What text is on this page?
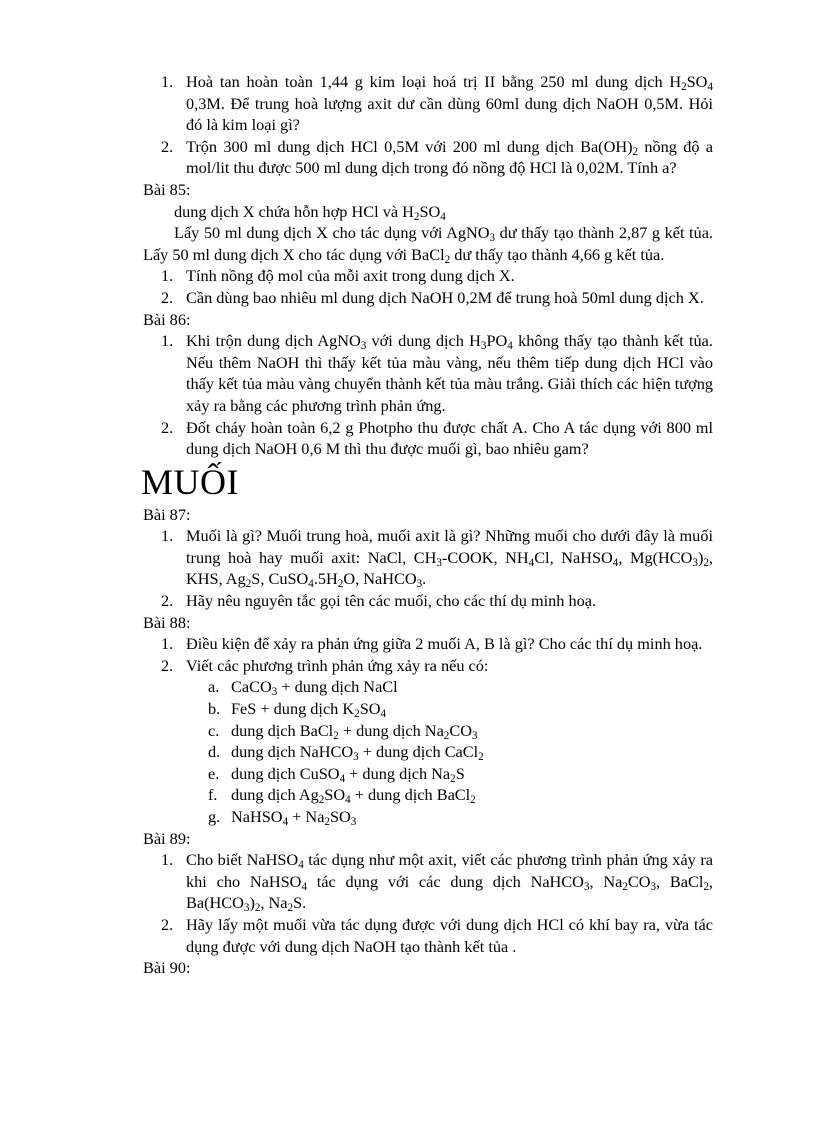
1. Hoà tan hoàn toàn 1,44 g kim loại hoá trị II bằng 250 ml dung dịch $H_2SO_4$ 0,3M. Để trung hoà lượng axit dư cần dùng 60ml dung dịch NaOH 0,5M. Hỏi đó là kim loại gì?
2. Trộn 300 ml dung dịch HCl 0,5M với 200 ml dung dịch $Ba(OH)_2$ nồng độ a mol/lit thu được 500 ml dung dịch trong đó nồng độ HCl là 0,02M. Tính a?
Bài 85:
dung dịch X chứa hỗn hợp HCl và $H_2SO_4$
Lấy 50 ml dung dịch X cho tác dụng với AgNO$_3$ dư thấy tạo thành 2,87 g kết tủa. Lấy 50 ml dung dịch X cho tác dụng với BaCl$_2$ dư thấy tạo thành 4,66 g kết tủa.
1. Tính nồng độ mol của mỗi axit trong dung dịch X.
2. Cần dùng bao nhiêu ml dung dịch NaOH 0,2M để trung hoà 50ml dung dịch X.
Bài 86:
1. Khi trộn dung dịch AgNO$_3$ với dung dịch $H_3PO_4$ không thấy tạo thành kết tủa. Nếu thêm NaOH thì thấy kết tủa màu vàng, nếu thêm tiếp dung dịch HCl vào thấy kết tủa màu vàng chuyển thành kết tủa màu trắng. Giải thích các hiện tượng xảy ra bằng các phương trình phản ứng.
2. Đốt cháy hoàn toàn 6,2 g Photpho thu được chất A. Cho A tác dụng với 800 ml dung dịch NaOH 0,6 M thì thu được muối gì, bao nhiêu gam?
MUỐI
Bài 87:
1. Muối là gì? Muối trung hoà, muối axit là gì? Những muối cho dưới đây là muối trung hoà hay muối axit: NaCl, $CH_3$-COOK, $NH_4Cl$, NaHSO$_4$, $Mg(HCO_3)_2$, KHS, $Ag_2S$, $CuSO_4.5H_2O$, NaHCO$_3$.
2. Hãy nêu nguyên tắc gọi tên các muối, cho các thí dụ minh hoạ.
Bài 88:
1. Điều kiện để xảy ra phản ứng giữa 2 muối A, B là gì? Cho các thí dụ minh hoạ.
2. Viết các phương trình phản ứng xảy ra nếu có:
a. CaCO$_3$ + dung dịch NaCl
b. FeS + dung dịch $K_2SO_4$
c. dung dịch BaCl$_2$ + dung dịch $Na_2CO_3$
d. dung dịch NaHCO$_3$ + dung dịch CaCl$_2$
e. dung dịch CuSO$_4$ + dung dịch $Na_2S$
f. dung dịch $Ag_2SO_4$ + dung dịch BaCl$_2$
g. NaHSO$_4$ + $Na_2SO_3$
Bài 89:
1. Cho biết NaHSO$_4$ tác dụng như một axit, viết các phương trình phản ứng xảy ra khi cho NaHSO$_4$ tác dụng với các dung dịch NaHCO$_3$, $Na_2CO_3$, BaCl$_2$, $Ba(HCO_3)_2$, $Na_2S$.
2. Hãy lấy một muối vừa tác dụng được với dung dịch HCl có khí bay ra, vừa tác dụng được với dung dịch NaOH tạo thành kết tủa .
Bài 90:
